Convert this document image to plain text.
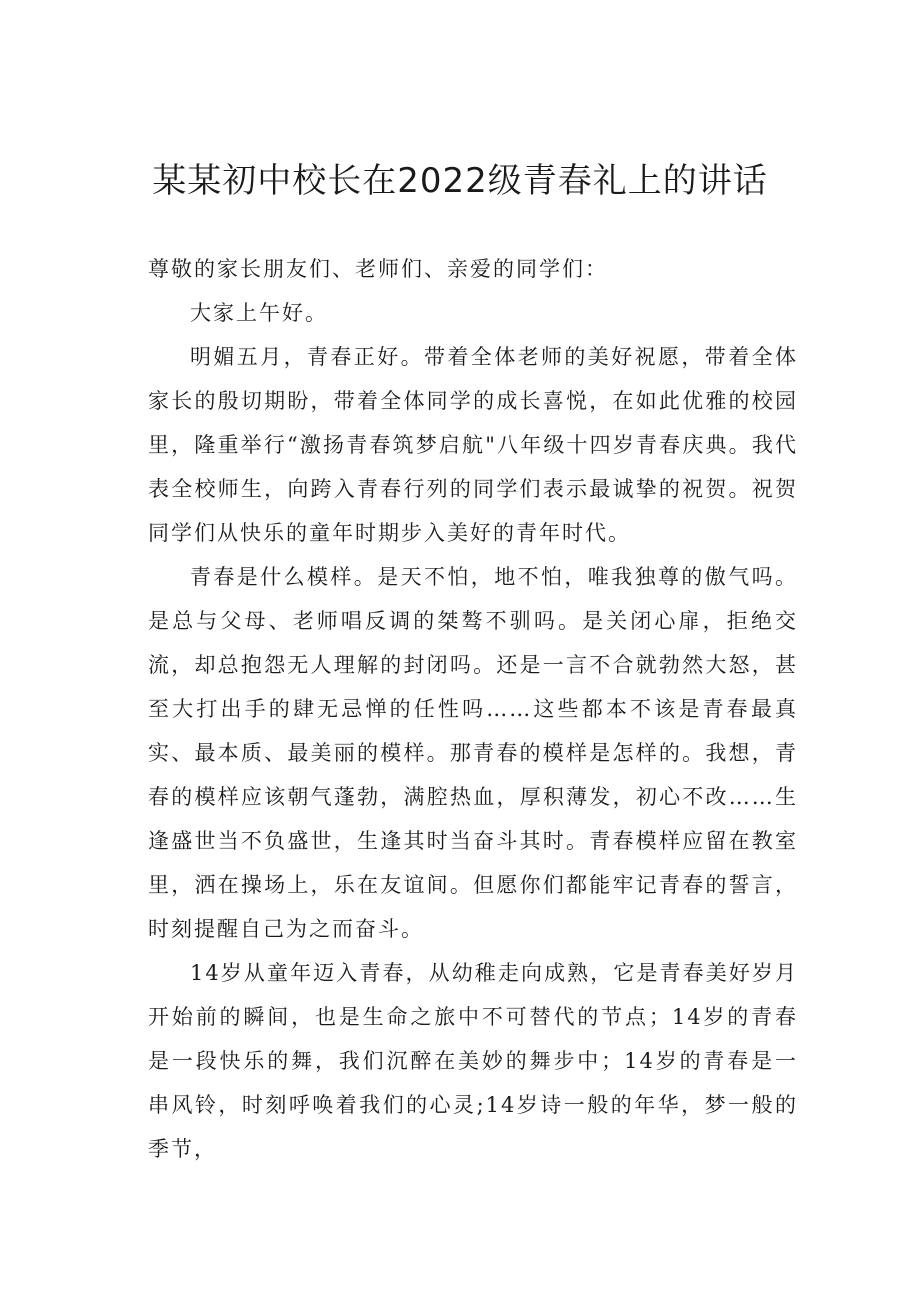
某某初中校长在2022级青春礼上的讲话

尊敬的家长朋友们、老师们、亲爱的同学们：

大家上午好。

明媚五月，青春正好。带着全体老师的美好祝愿，带着全体家长的殷切期盼，带着全体同学的成长喜悦，在如此优雅的校园里，隆重举行“激扬青春筑梦启航"八年级十四岁青春庆典。我代表全校师生，向跨入青春行列的同学们表示最诚挚的祝贺。祝贺同学们从快乐的童年时期步入美好的青年时代。

青春是什么模样。是天不怕，地不怕，唯我独尊的傲气吗。是总与父母、老师唱反调的桀骜不驯吗。是关闭心扉，拒绝交流，却总抱怨无人理解的封闭吗。还是一言不合就勃然大怒，甚至大打出手的肆无忌惮的任性吗……这些都本不该是青春最真实、最本质、最美丽的模样。那青春的模样是怎样的。我想，青春的模样应该朝气蓬勃，满腔热血，厚积薄发，初心不改……生逢盛世当不负盛世，生逢其时当奋斗其时。青春模样应留在教室里，洒在操场上，乐在友谊间。但愿你们都能牢记青春的誓言，时刻提醒自己为之而奋斗。

14岁从童年迈入青春，从幼稚走向成熟，它是青春美好岁月开始前的瞬间，也是生命之旅中不可替代的节点；14岁的青春是一段快乐的舞，我们沉醉在美妙的舞步中；14岁的青春是一串风铃，时刻呼唤着我们的心灵;14岁诗一般的年华，梦一般的季节，
